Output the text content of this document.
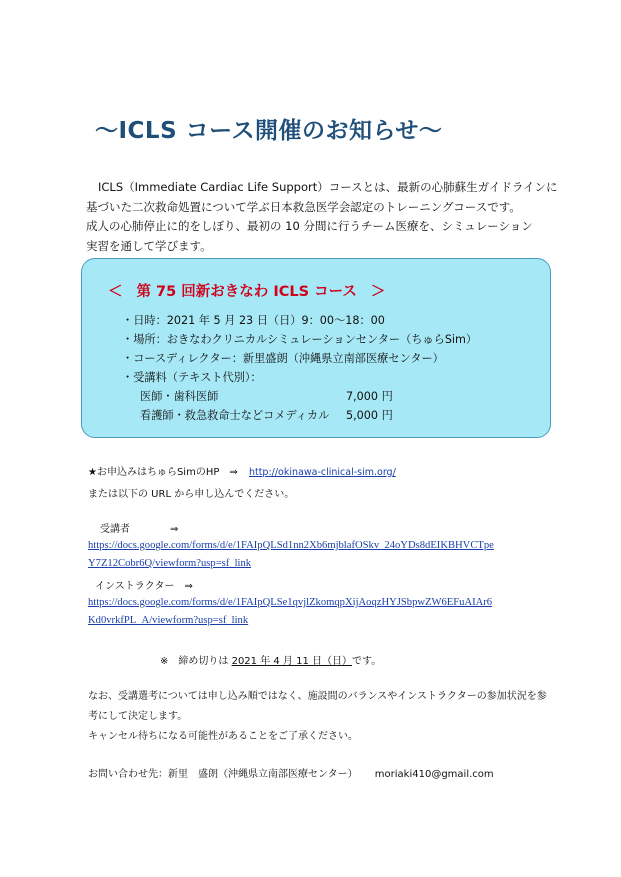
～ICLS コース開催のお知らせ～
ICLS（Immediate Cardiac Life Support）コースとは、最新の心肺蘇生ガイドラインに
基づいた二次救命処置について学ぶ日本救急医学会認定のトレーニングコースです。
成人の心肺停止に的をしぼり、最初の 10 分間に行うチーム医療を、シミュレーション
実習を通して学びます。
＜ 第 75 回新おきなわ ICLS コース ＞
・日時：2021 年 5 月 23 日（日）9：00～18：00
・場所：おきなわクリニカルシミュレーションセンター（ちゅらSim）
・コースディレクター：新里盛朗（沖縄県立南部医療センター）
・受講料（テキスト代別）：
医師・歯科医師	7,000 円
看護師・救急救命士などコメディカル 5,000 円
★お申込みはちゅらSimのHP　⇒ http://okinawa-clinical-sim.org/
または以下の URL から申し込んでください。
受講者　　　　⇒
https://docs.google.com/forms/d/e/1FAIpQLSd1nn2Xb6mjblafOSkv_24oYDs8dEIKBHVCTpe
Y7Z12Cobr6Q/viewform?usp=sf_link
インストラクター　⇒
https://docs.google.com/forms/d/e/1FAIpQLSe1qvjlZkomqpXijAoqzHYJSbpwZW6EFuAIAr6
Kd0vrkfPL_A/viewform?usp=sf_link
※　締め切りは 2021 年 4 月 11 日（日）です。
なお、受講選考については申し込み順ではなく、施設間のバランスやインストラクターの参加状況を参
考にして決定します。
キャンセル待ちになる可能性があることをご了承ください。
お問い合わせ先：新里　盛朗（沖縄県立南部医療センター） moriaki410@gmail.com
